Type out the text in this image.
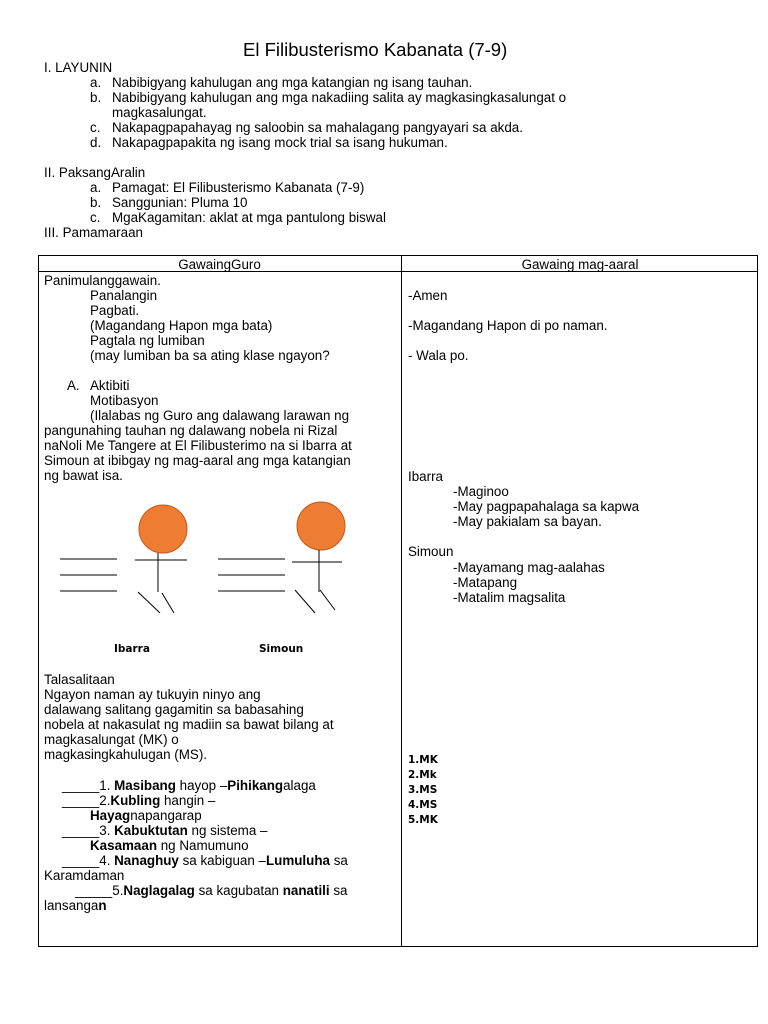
El Filibusterismo Kabanata (7-9)
I. LAYUNIN
a. Nabibigyang kahulugan ang mga katangian ng isang tauhan.
b. Nabibigyang kahulugan ang mga nakadiing salita ay magkasingkasalungat o
magkasalungat.
c. Nakapagpapahayag ng saloobin sa mahalagang pangyayari sa akda.
d. Nakapagpapakita ng isang mock trial sa isang hukuman.
II. PaksangAralin
a. Pamagat: El Filibusterismo Kabanata (7-9)
b. Sanggunian: Pluma 10
c. MgaKagamitan: aklat at mga pantulong biswal
III. Pamamaraan
GawaingGuro	Gawaing mag-aaral
Panimulanggawain.
Panalangin
Pagbati.
(Magandang Hapon mga bata)
Pagtala ng lumiban
(may lumiban ba sa ating klase ngayon?
A. Aktibiti
Motibasyon
(Ilalabas ng Guro ang dalawang larawan ng
pangunahing tauhan ng dalawang nobela ni Rizal
naNoli Me Tangere at El Filibusterimo na si Ibarra at
Simoun at ibibgay ng mag-aaral ang mga katangian
ng bawat isa.
Ibarra	Simoun
Talasalitaan
Ngayon naman ay tukuyin ninyo ang
dalawang salitang gagamitin sa babasahing
nobela at nakasulat ng madiin sa bawat bilang at
magkasalungat (MK) o
magkasingkahulugan (MS).
_____1. Masibang hayop –Pihikangalaga
_____2.Kubling hangin –
Hayagnapangarap
_____3. Kabuktutan ng sistema –
Kasamaan ng Namumuno
_____4. Nanaghuy sa kabiguan –Lumuluha sa
Karamdaman
_____5.Naglagalag sa kagubatan nanatili sa
lansangan
-Amen
-Magandang Hapon di po naman.
- Wala po.
Ibarra
-Maginoo
-May pagpapahalaga sa kapwa
-May pakialam sa bayan.
Simoun
-Mayamang mag-aalahas
-Matapang
-Matalim magsalita
1.MK
2.Mk
3.MS
4.MS
5.MK
